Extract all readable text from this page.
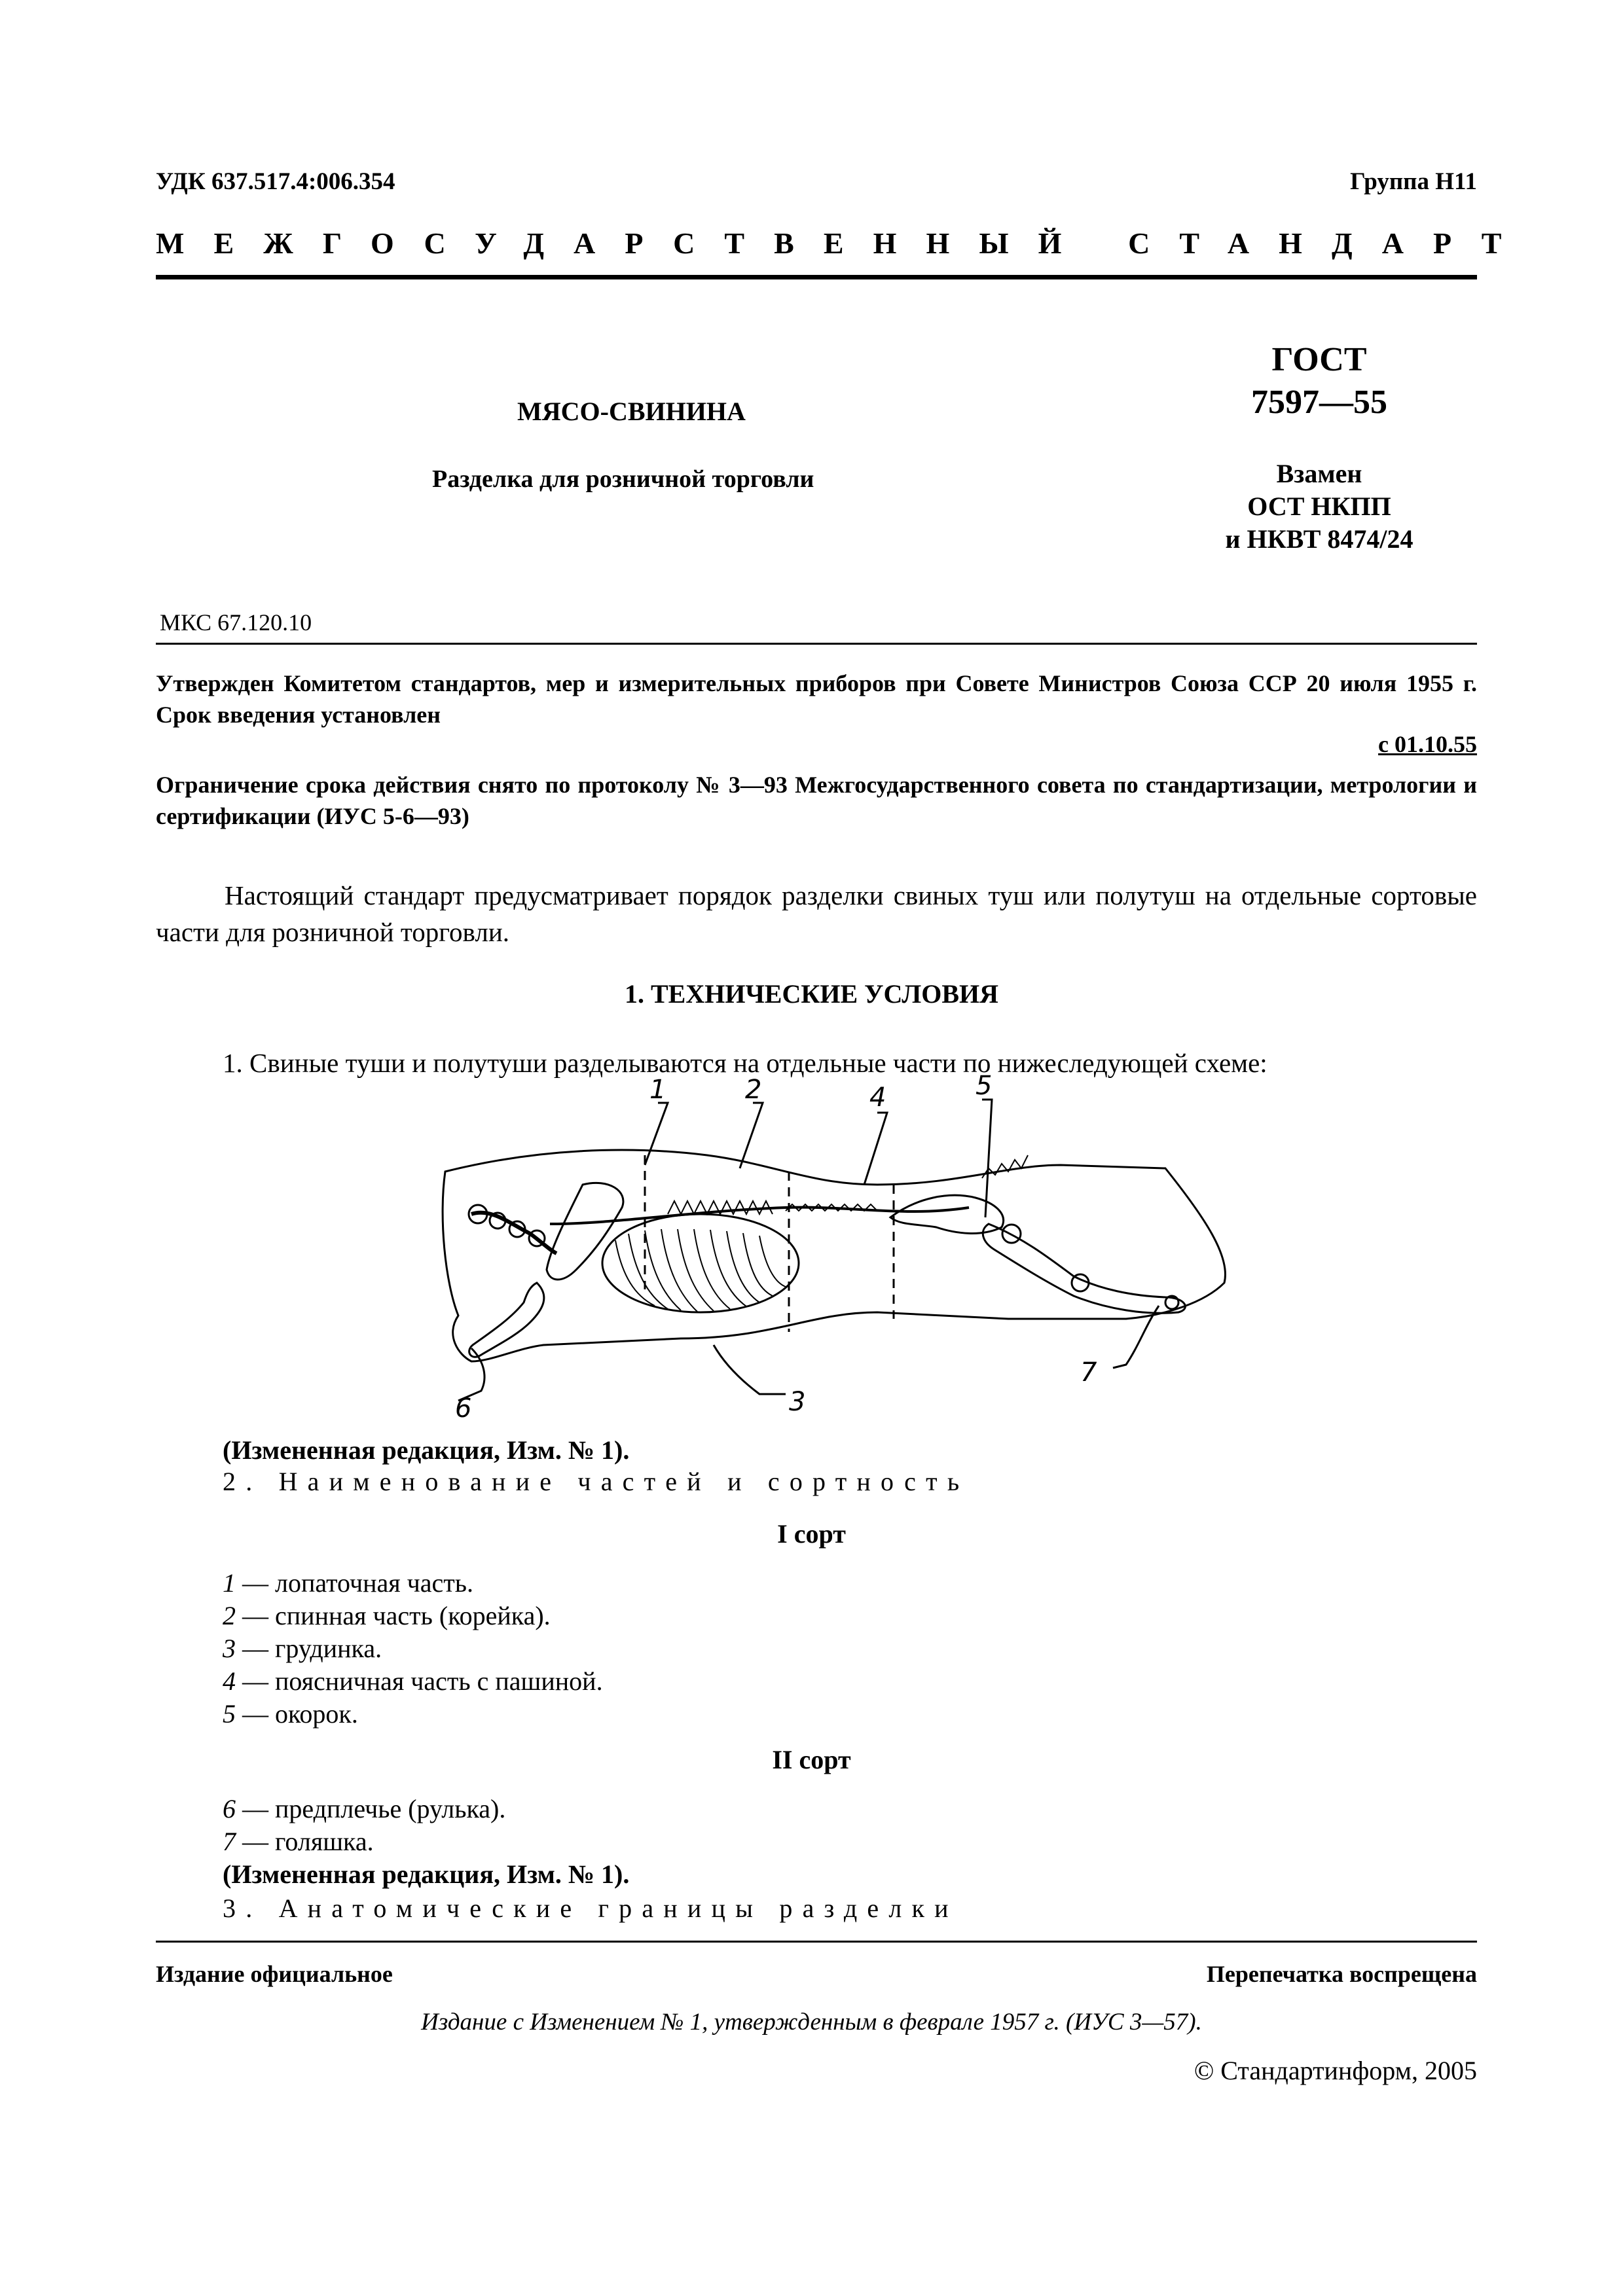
УДК 637.517.4:006.354	Группа Н11
МЕЖГОСУДАРСТВЕННЫЙ СТАНДАРТ
МЯСО-СВИНИНА
Разделка для розничной торговли
ГОСТ
7597—55
Взамен
ОСТ НКПП
и НКВТ 8474/24
МКС 67.120.10
Утвержден Комитетом стандартов, мер и измерительных приборов при Совете Министров Союза ССР 20 июля 1955 г. Срок введения установлен
с 01.10.55
Ограничение срока действия снято по протоколу № 3—93 Межгосударственного совета по стандартизации, метрологии и сертификации (ИУС 5-6—93)
Настоящий стандарт предусматривает порядок разделки свиных туш или полутуш на отдельные сортовые части для розничной торговли.
1. ТЕХНИЧЕСКИЕ УСЛОВИЯ
1. Свиные туши и полутуши разделываются на отдельные части по нижеследующей схеме:
1	2	4	5
6	3
7
(Измененная редакция, Изм. № 1).
2. Наименование частей и сортность
I сорт
1 — лопаточная часть.
2 — спинная часть (корейка).
3 — грудинка.
4 — поясничная часть с пашиной.
5 — окорок.
II сорт
6 — предплечье (рулька).
7 — голяшка.
(Измененная редакция, Изм. № 1).
3. Анатомические границы разделки
Издание официальное	Перепечатка воспрещена
Издание с Изменением № 1, утвержденным в феврале 1957 г. (ИУС 3—57).
© Стандартинформ, 2005
